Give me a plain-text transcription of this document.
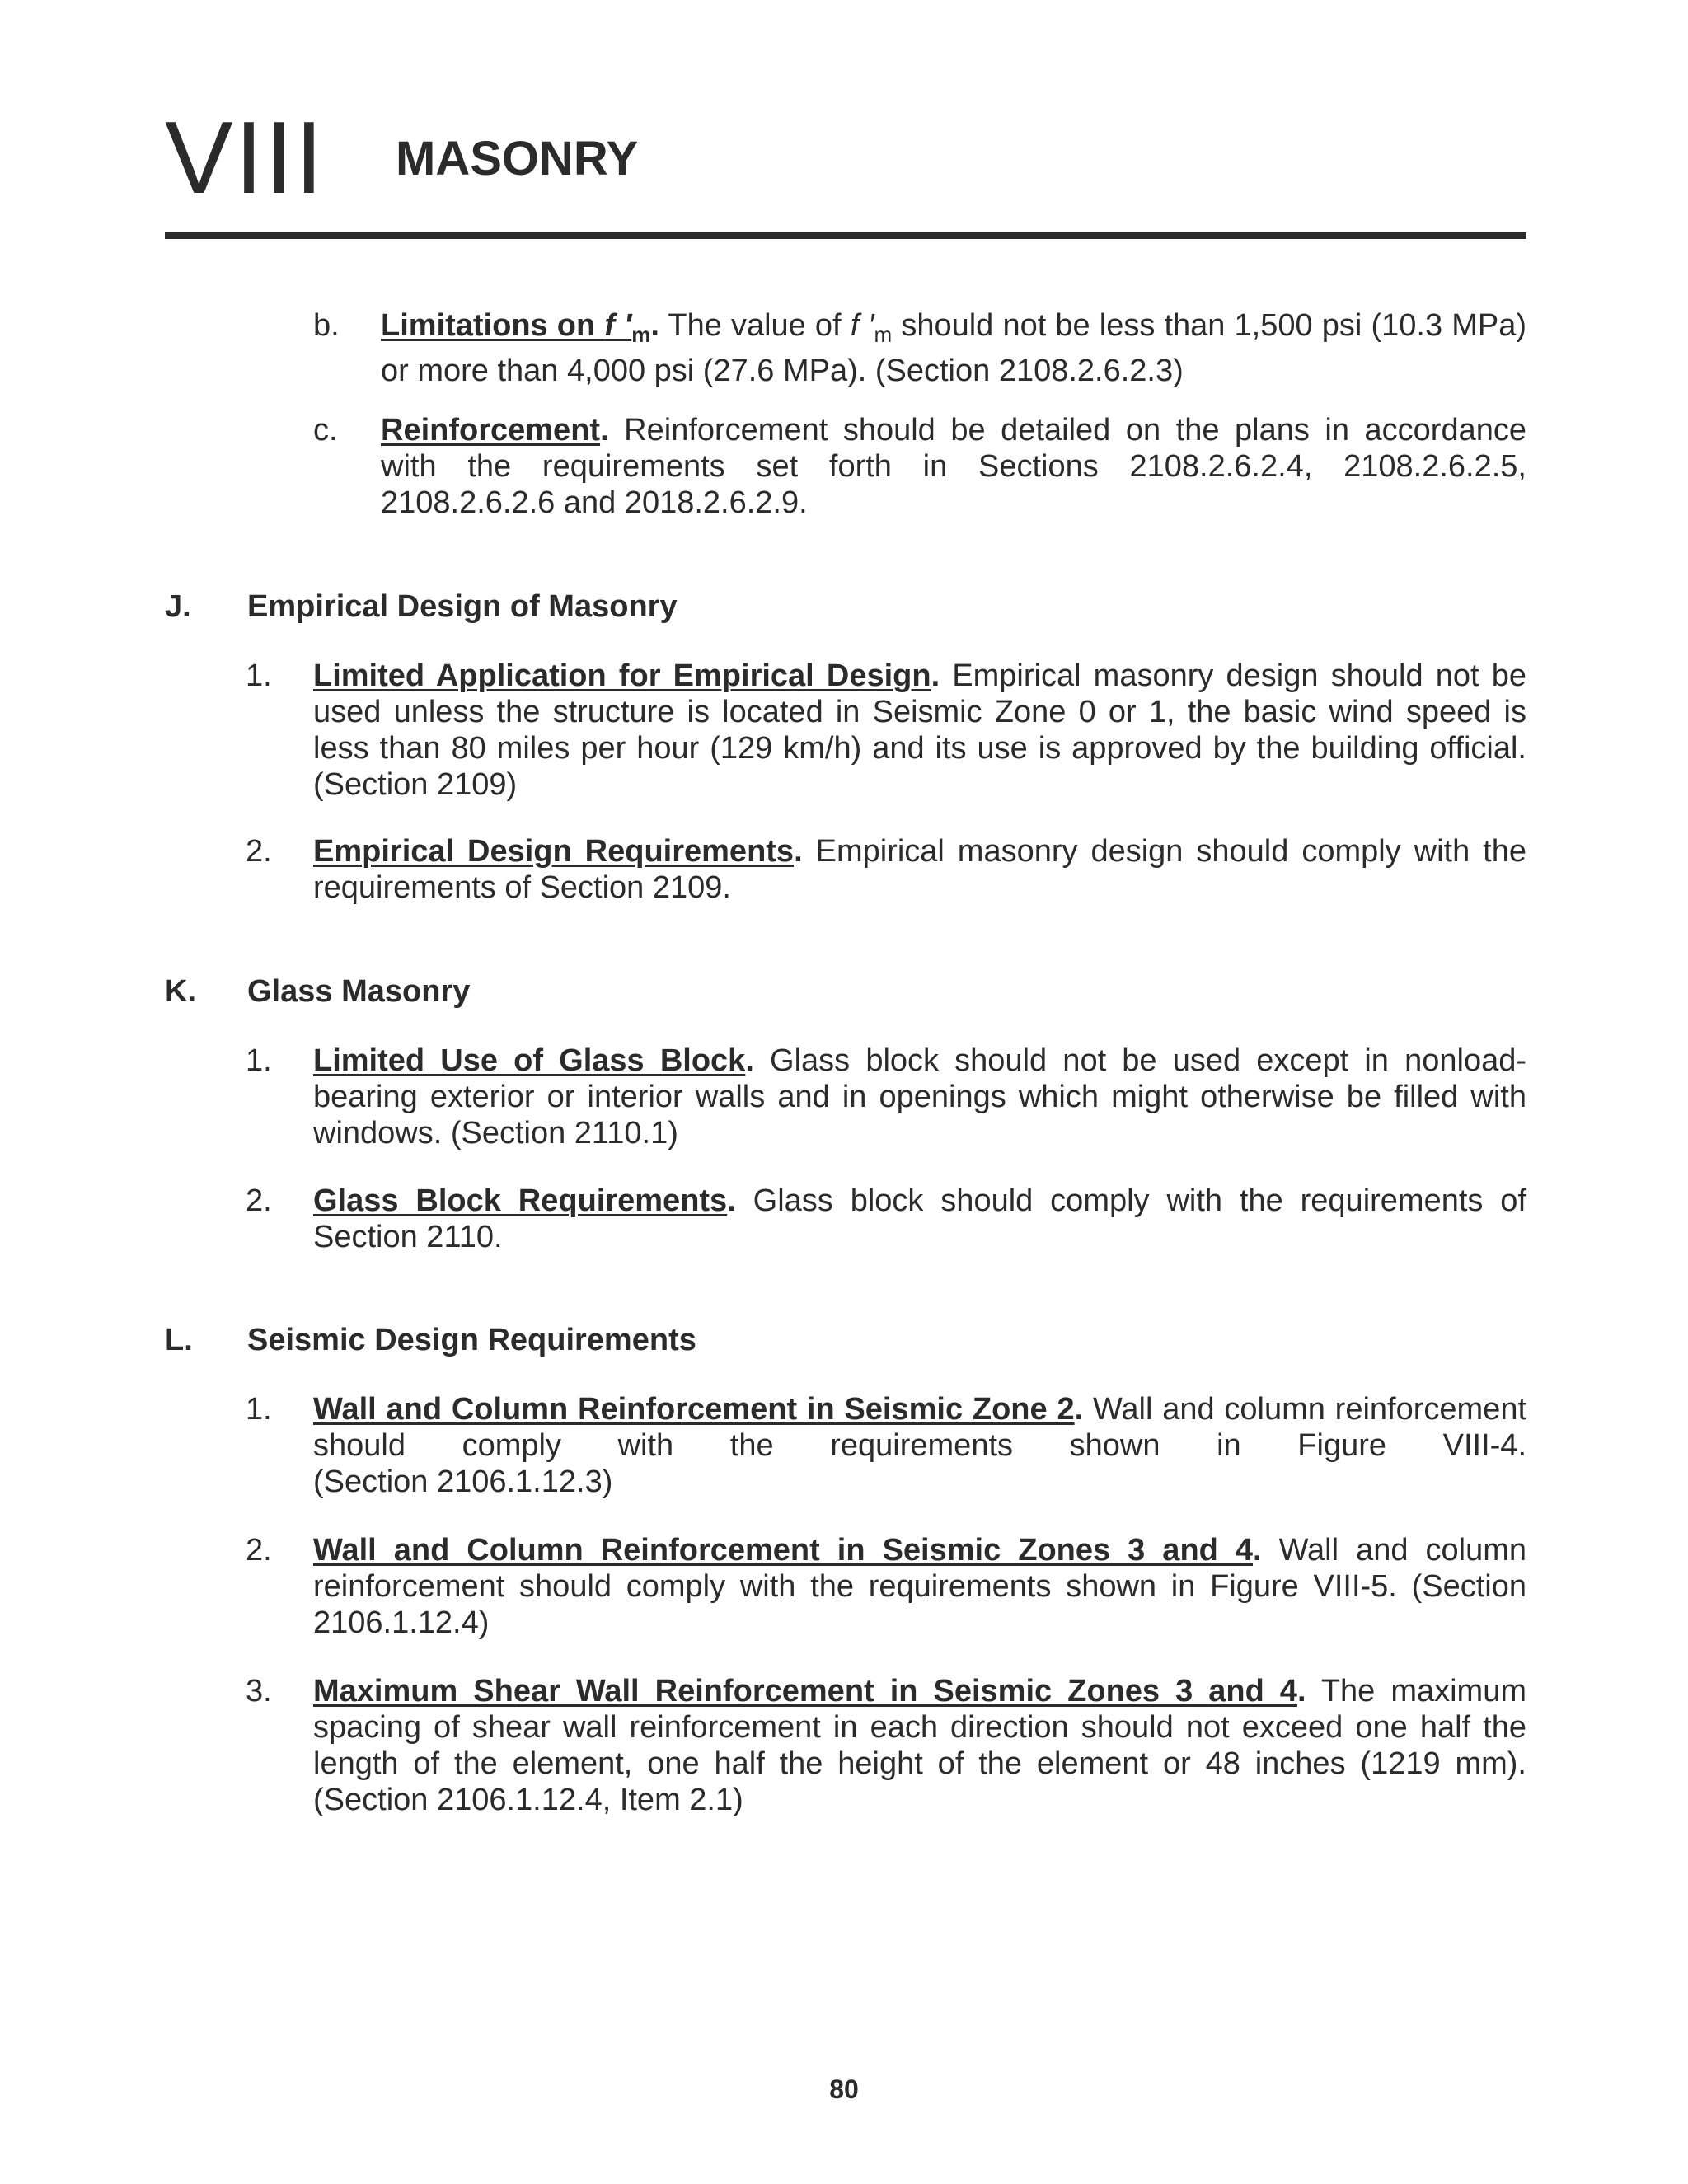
VIII MASONRY
b. Limitations on f $'_m$. The value of f $'_m$ should not be less than 1,500 psi (10.3 MPa) or more than 4,000 psi (27.6 MPa). (Section 2108.2.6.2.3)
c. Reinforcement. Reinforcement should be detailed on the plans in accordance with the requirements set forth in Sections 2108.2.6.2.4, 2108.2.6.2.5, 2108.2.6.2.6 and 2018.2.6.2.9.
J. Empirical Design of Masonry
1. Limited Application for Empirical Design. Empirical masonry design should not be used unless the structure is located in Seismic Zone 0 or 1, the basic wind speed is less than 80 miles per hour (129 km/h) and its use is approved by the building official. (Section 2109)
2. Empirical Design Requirements. Empirical masonry design should comply with the requirements of Section 2109.
K. Glass Masonry
1. Limited Use of Glass Block. Glass block should not be used except in nonload-bearing exterior or interior walls and in openings which might otherwise be filled with windows. (Section 2110.1)
2. Glass Block Requirements. Glass block should comply with the requirements of Section 2110.
L. Seismic Design Requirements
1. Wall and Column Reinforcement in Seismic Zone 2. Wall and column reinforcement should comply with the requirements shown in Figure VIII-4.
(Section 2106.1.12.3)
2. Wall and Column Reinforcement in Seismic Zones 3 and 4. Wall and column reinforcement should comply with the requirements shown in Figure VIII-5. (Section 2106.1.12.4)
3. Maximum Shear Wall Reinforcement in Seismic Zones 3 and 4. The maximum spacing of shear wall reinforcement in each direction should not exceed one half the length of the element, one half the height of the element or 48 inches (1219 mm). (Section 2106.1.12.4, Item 2.1)
80
